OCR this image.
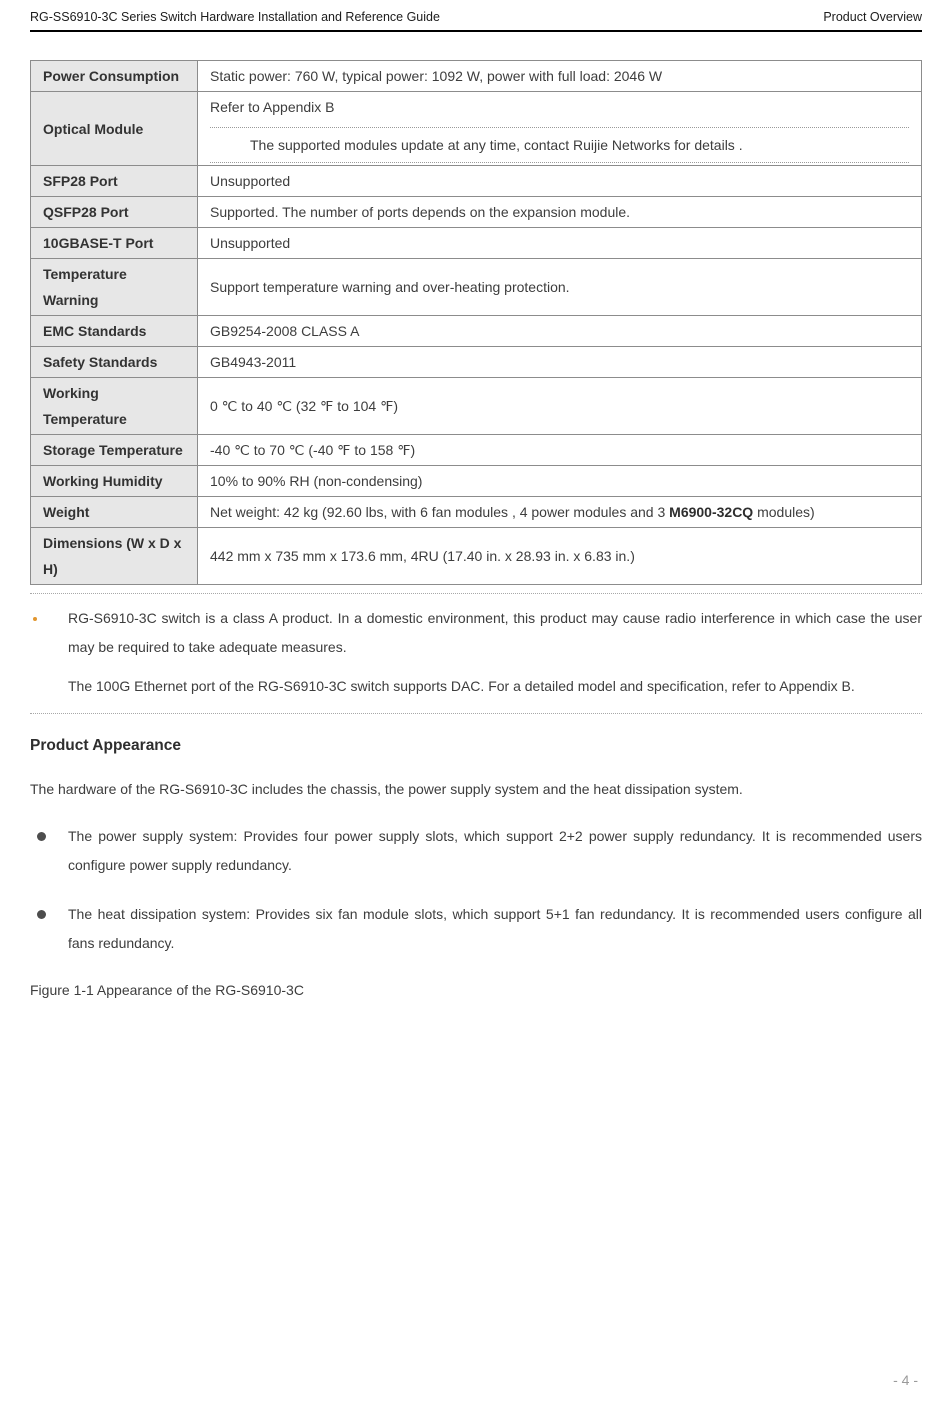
RG-SS6910-3C Series Switch Hardware Installation and Reference Guide	Product Overview
Power Consumption	Static power: 760 W, typical power: 1092 W, power with full load: 2046 W
Optical Module	Refer to Appendix B
The supported modules update at any time, contact Ruijie Networks for details .

SFP28 Port	Unsupported
QSFP28 Port	Supported. The number of ports depends on the expansion module.
10GBASE-T Port	Unsupported
Temperature Warning	Support temperature warning and over-heating protection.
EMC Standards	GB9254-2008 CLASS A
Safety Standards	GB4943-2011
Working Temperature	0 ℃ to 40 ℃ (32 ℉ to 104 ℉)
Storage Temperature	-40 ℃ to 70 ℃ (-40 ℉ to 158 ℉)
Working Humidity	10% to 90% RH (non-condensing)
Weight	Net weight: 42 kg (92.60 lbs, with 6 fan modules , 4 power modules and 3 M6900-32CQ modules)
Dimensions (W x D x H)	442 mm x 735 mm x 173.6 mm, 4RU (17.40 in. x 28.93 in. x 6.83 in.)
RG-S6910-3C switch is a class A product. In a domestic environment, this product may cause radio interference in which case the user may be required to take adequate measures.
The 100G Ethernet port of the RG-S6910-3C switch supports DAC. For a detailed model and specification, refer to Appendix B.
Product Appearance

The hardware of the RG-S6910-3C includes the chassis, the power supply system and the heat dissipation system.

The power supply system: Provides four power supply slots, which support 2+2 power supply redundancy. It is recommended users configure power supply redundancy.
The heat dissipation system: Provides six fan module slots, which support 5+1 fan redundancy. It is recommended users configure all fans redundancy.

Figure 1-1 Appearance of the RG-S6910-3C

- 4 -
